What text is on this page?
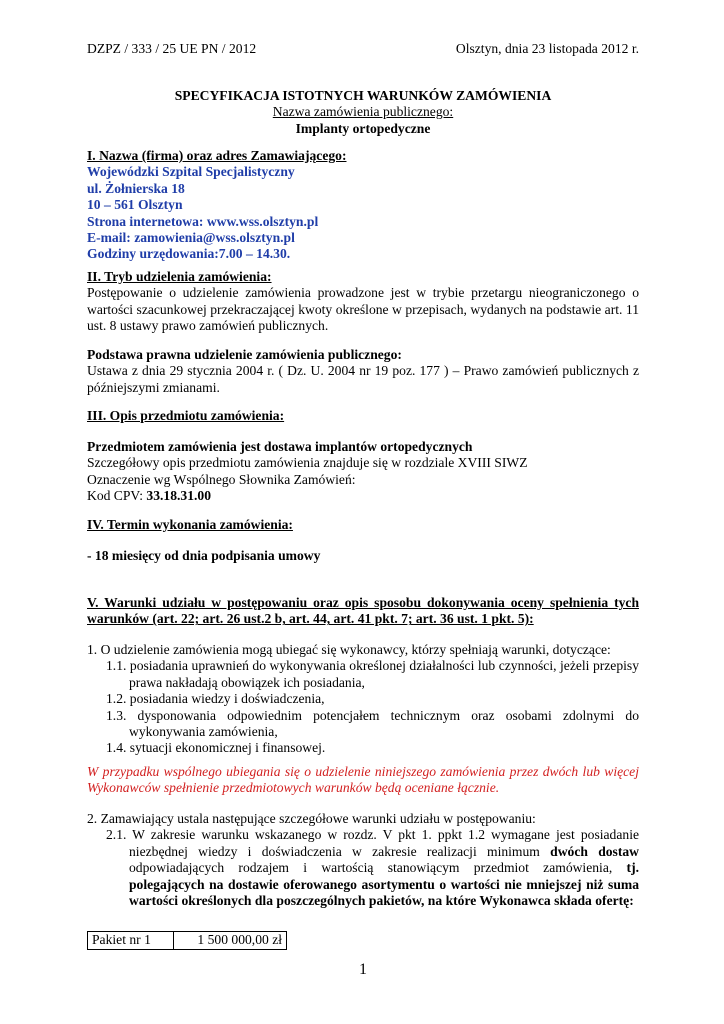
DZPZ / 333 / 25 UE PN / 2012	Olsztyn, dnia 23 listopada 2012 r.
SPECYFIKACJA ISTOTNYCH WARUNKÓW ZAMÓWIENIA
Nazwa zamówienia publicznego:
Implanty ortopedyczne
I. Nazwa (firma) oraz adres Zamawiającego:
Wojewódzki Szpital Specjalistyczny
ul. Żołnierska 18
10 – 561 Olsztyn
Strona internetowa: www.wss.olsztyn.pl
E-mail: zamowienia@wss.olsztyn.pl
Godziny urzędowania:7.00 – 14.30.
II. Tryb udzielenia zamówienia:
Postępowanie o udzielenie zamówienia prowadzone jest w trybie przetargu nieograniczonego o
wartości szacunkowej przekraczającej kwoty określone w przepisach, wydanych na podstawie art. 11
ust. 8 ustawy prawo zamówień publicznych.
Podstawa prawna udzielenie zamówienia publicznego:
Ustawa z dnia 29 stycznia 2004 r. ( Dz. U. 2004 nr 19 poz. 177 ) – Prawo zamówień publicznych z
późniejszymi zmianami.
III. Opis przedmiotu zamówienia:
Przedmiotem zamówienia jest dostawa implantów ortopedycznych
Szczegółowy opis przedmiotu zamówienia znajduje się w rozdziale XVIII SIWZ
Oznaczenie wg Wspólnego Słownika Zamówień:
Kod CPV: 33.18.31.00
IV. Termin wykonania zamówienia:
- 18 miesięcy od dnia podpisania umowy
V. Warunki udziału w postępowaniu oraz opis sposobu dokonywania oceny spełnienia tych
warunków (art. 22; art. 26 ust.2 b, art. 44, art. 41 pkt. 7; art. 36 ust. 1 pkt. 5):
1. O udzielenie zamówienia mogą ubiegać się wykonawcy, którzy spełniają warunki, dotyczące:
1.1. posiadania uprawnień do wykonywania określonej działalności lub czynności, jeżeli przepisy
prawa nakładają obowiązek ich posiadania,
1.2. posiadania wiedzy i doświadczenia,
1.3. dysponowania odpowiednim potencjałem technicznym oraz osobami zdolnymi do
wykonywania zamówienia,
1.4. sytuacji ekonomicznej i finansowej.
W przypadku wspólnego ubiegania się o udzielenie niniejszego zamówienia przez dwóch lub więcej
Wykonawców spełnienie przedmiotowych warunków będą oceniane łącznie.
2. Zamawiający ustala następujące szczegółowe warunki udziału w postępowaniu:
2.1. W zakresie warunku wskazanego w rozdz. V pkt 1. ppkt 1.2 wymagane jest posiadanie
niezbędnej wiedzy i doświadczenia w zakresie realizacji minimum dwóch dostaw
odpowiadających rodzajem i wartością stanowiącym przedmiot zamówienia, tj.
polegających na dostawie oferowanego asortymentu o wartości nie mniejszej niż suma
wartości określonych dla poszczególnych pakietów, na które Wykonawca składa ofertę:
Pakiet nr 1	1 500 000,00 zł
1
